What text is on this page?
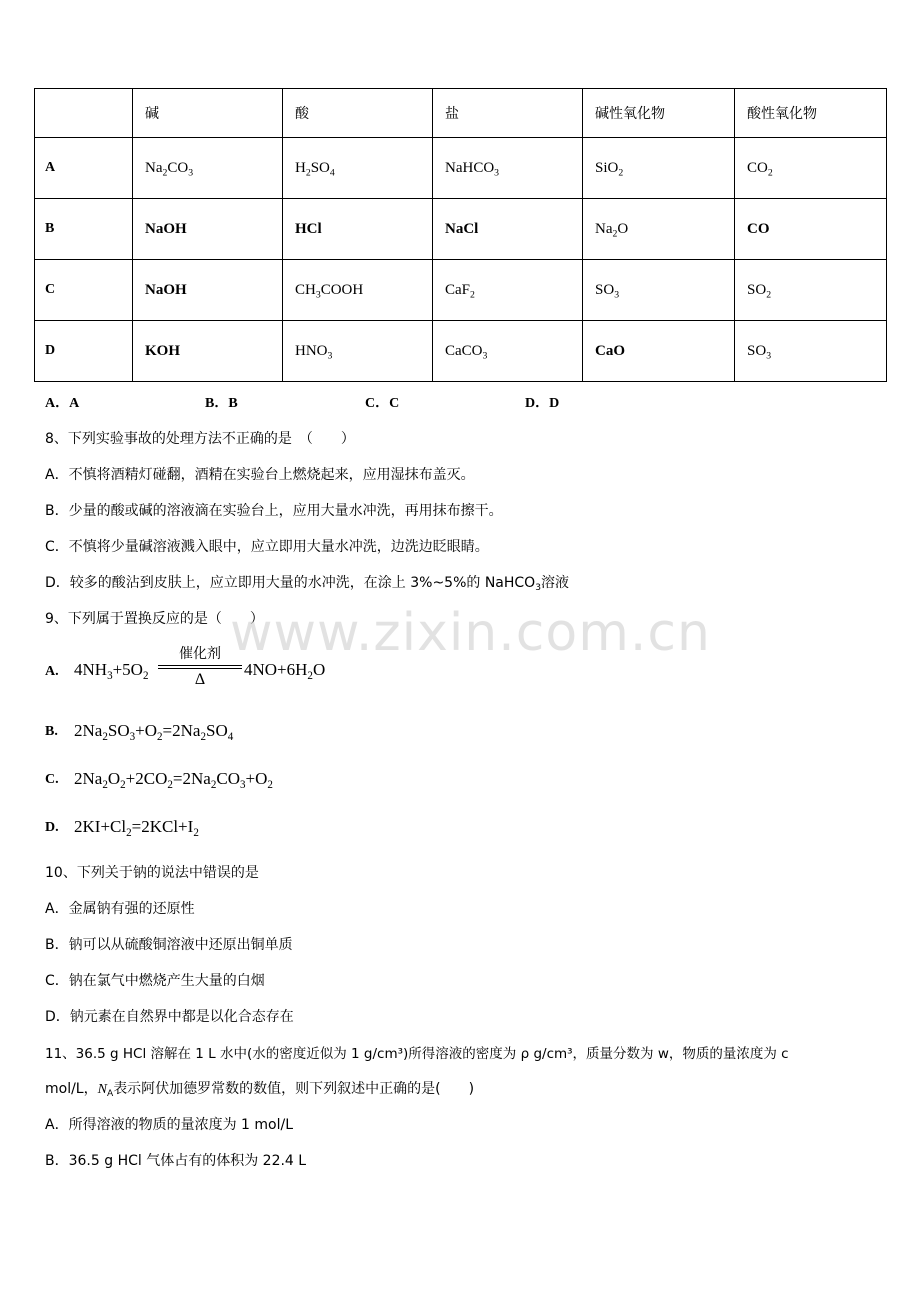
	碱	酸	盐	碱性氧化物	酸性氧化物
A	$Na_2CO_3$	$H_2SO_4$	NaHCO$_3$	SiO$_2$	$CO_2$
B	NaOH	HCl	NaCl	$Na_2O$	CO
C	NaOH	$CH_3COOH$	CaF$_2$	$SO_3$	$SO_2$
D	KOH	$HNO_3$	CaCO$_3$	CaO	$SO_3$
A．A	B．B	C．C	D．D
8、下列实验事故的处理方法不正确的是　（　　）
A．不慎将酒精灯碰翻，酒精在实验台上燃烧起来，应用湿抹布盖灭。
B．少量的酸或碱的溶液滴在实验台上，应用大量水冲洗，再用抹布擦干。
C．不慎将少量碱溶液溅入眼中，应立即用大量水冲洗，边洗边眨眼睛。
D．较多的酸沾到皮肤上，应立即用大量的水冲洗，在涂上 3%~5%的 NaHCO$_3$溶液
9、下列属于置换反应的是（　　）
www.zixin.com.cn
A. $4NH_3+5O_2$
催化剂
Δ
$4NO+6H_2O$
B. $2Na_2SO_3+O_2=2Na_2SO_4$
C. $2Na_2O_2+2CO_2=2Na_2CO_3+O_2$
D. $2KI+Cl_2=2KCl+I_2$
10、下列关于钠的说法中错误的是
A．金属钠有强的还原性
B．钠可以从硫酸铜溶液中还原出铜单质
C．钠在氯气中燃烧产生大量的白烟
D．钠元素在自然界中都是以化合态存在
11、36.5 g HCl 溶解在 1 L 水中(水的密度近似为 1 g/cm³)所得溶液的密度为 ρ g/cm³，质量分数为 w，物质的量浓度为 c
mol/L，$N_A$表示阿伏加德罗常数的数值，则下列叙述中正确的是(　　)
A．所得溶液的物质的量浓度为 1 mol/L
B．36.5 g HCl 气体占有的体积为 22.4 L
